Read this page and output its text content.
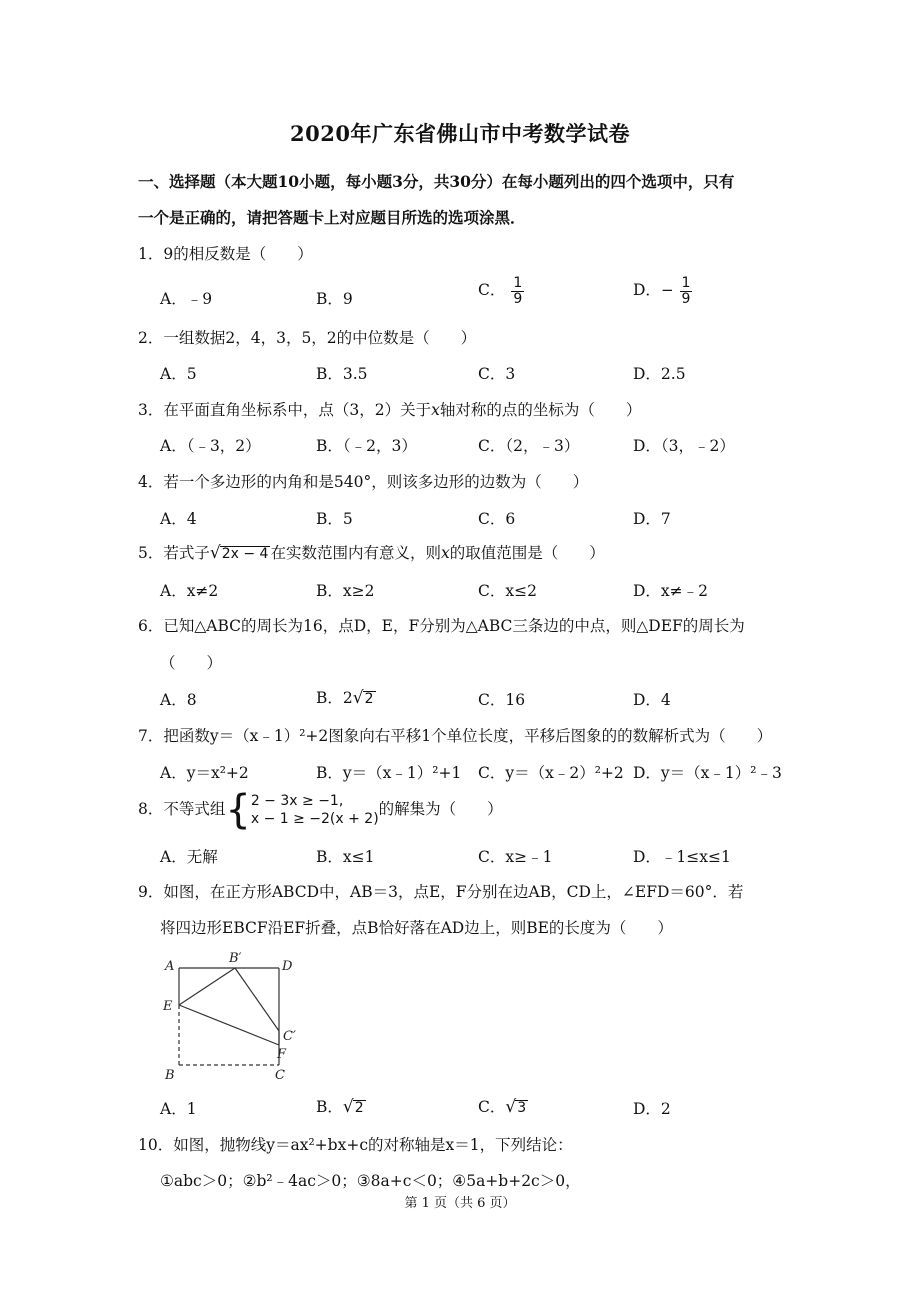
2020年广东省佛山市中考数学试卷
一、选择题（本大题10小题，每小题3分，共30分）在每小题列出的四个选项中，只有
一个是正确的，请把答题卡上对应题目所选的选项涂黑．
1．9的相反数是（　　）
A．﹣9	B．9	C． $\frac{1}{9}$	D．− $\frac{1}{9}$
2．一组数据2，4，3，5，2的中位数是（　　）
A．5	B．3.5	C．3	D．2.5
3．在平面直角坐标系中，点（3，2）关于x轴对称的点的坐标为（　　）
A．（﹣3，2）	B．（﹣2，3）	C．（2，﹣3）	D．（3，﹣2）
4．若一个多边形的内角和是540°，则该多边形的边数为（　　）
A．4	B．5	C．6	D．7
5．若式子√2x − 4 在实数范围内有意义，则x的取值范围是（　　）
A．x≠2	B．x≥2	C．x≤2	D．x≠﹣2
6．已知△ABC的周长为16，点D，E，F分别为△ABC三条边的中点，则△DEF的周长为
（　　）
A．8	B．2√2	C．16	D．4
7．把函数y＝（x﹣1）²+2图象向右平移1个单位长度，平移后图象的的数解析式为（　　）
A．y＝x²+2	B．y＝（x﹣1）²+1 C．y＝（x﹣2）²+2 D．y＝（x﹣1）²﹣3
8．不等式组{ 2 − 3x ≥ −1,
x − 1 ≥ −2(x + 2)
的解集为（　　）
A．无解	B．x≤1	C．x≥﹣1	D．﹣1≤x≤1
9．如图，在正方形ABCD中，AB＝3，点E，F分别在边AB，CD上，∠EFD＝60°．若
将四边形EBCF沿EF折叠，点B恰好落在AD边上，则BE的长度为（　　）
A
B′
D
E
C′
F
B	C
A．1	B．√2	C．√3	D．2
10．如图，抛物线y＝ax²+bx+c的对称轴是x＝1，下列结论：
①abc＞0；②b²﹣4ac＞0；③8a+c＜0；④5a+b+2c＞0，
第 1 页（共 6 页）
